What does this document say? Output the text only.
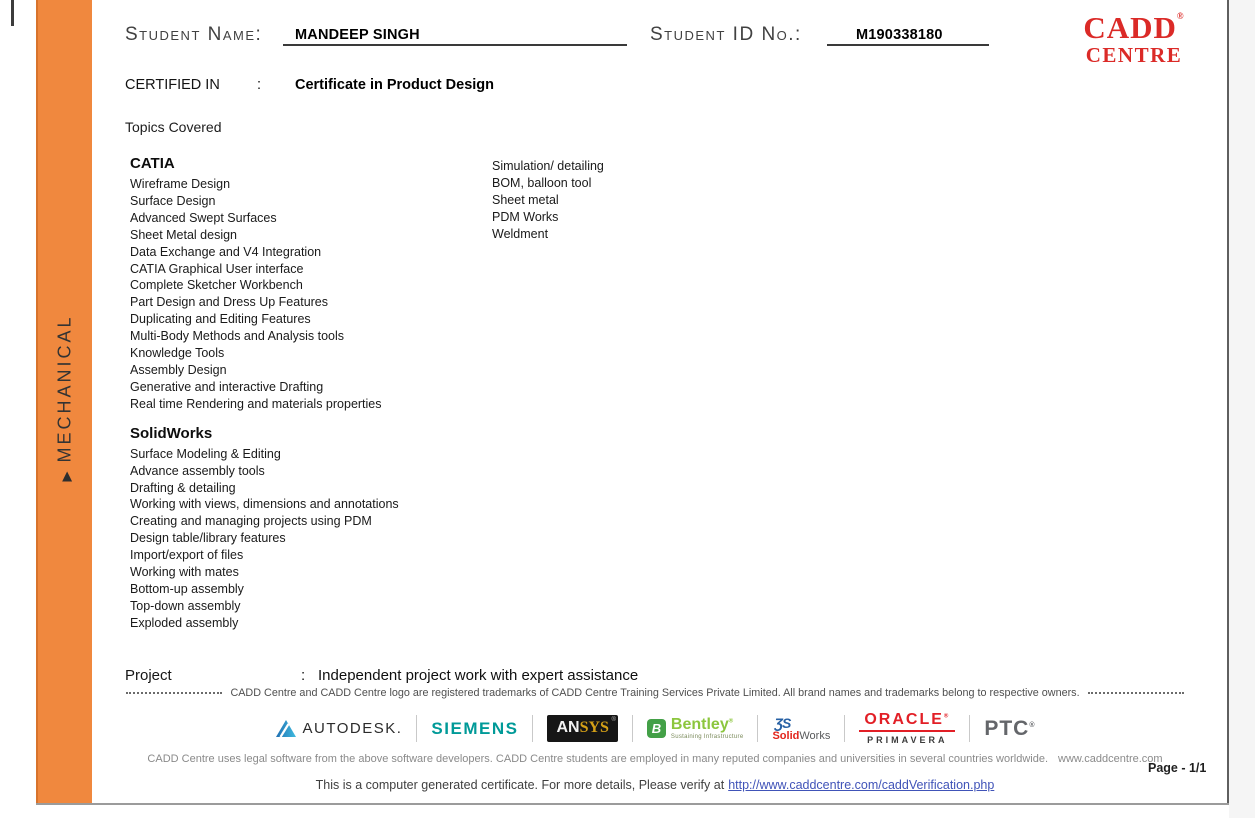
▶MECHANICAL
Student Name: MANDEEP SINGH	Student ID No.:	M190338180	CADD®
CENTRE
CERTIFIED IN	: Certificate in Product Design
Topics Covered
CATIA
Wireframe Design
Surface Design
Advanced Swept Surfaces
Sheet Metal design
Data Exchange and V4 Integration
CATIA Graphical User interface
Complete Sketcher Workbench
Part Design and Dress Up Features
Duplicating and Editing Features
Multi-Body Methods and Analysis tools
Knowledge Tools
Assembly Design
Generative and interactive Drafting
Real time Rendering and materials properties
SolidWorks
Surface Modeling & Editing
Advance assembly tools
Drafting & detailing
Working with views, dimensions and annotations
Creating and managing projects using PDM
Design table/library features
Import/export of files
Working with mates
Bottom-up assembly
Top-down assembly
Exploded assembly
Simulation/ detailing
BOM, balloon tool
Sheet metal
PDM Works
Weldment
Project	: Independent project work with expert assistance
CADD Centre and CADD Centre logo are registered trademarks of CADD Centre Training Services Private Limited. All brand names and trademarks belong to respective owners.
AUTODESK. SIEMENS AN SYS ®
B Bentley®
Sustaining Infrastructure
ƷS
SolidWorks
ORACLE®
PRIMAVERA
PTC®
CADD Centre uses legal software from the above software developers. CADD Centre students are employed in many reputed companies and universities in several countries worldwide. www.caddcentre.com
Page - 1/1
This is a computer generated certificate. For more details, Please verify at http://www.caddcentre.com/caddVerification.php
